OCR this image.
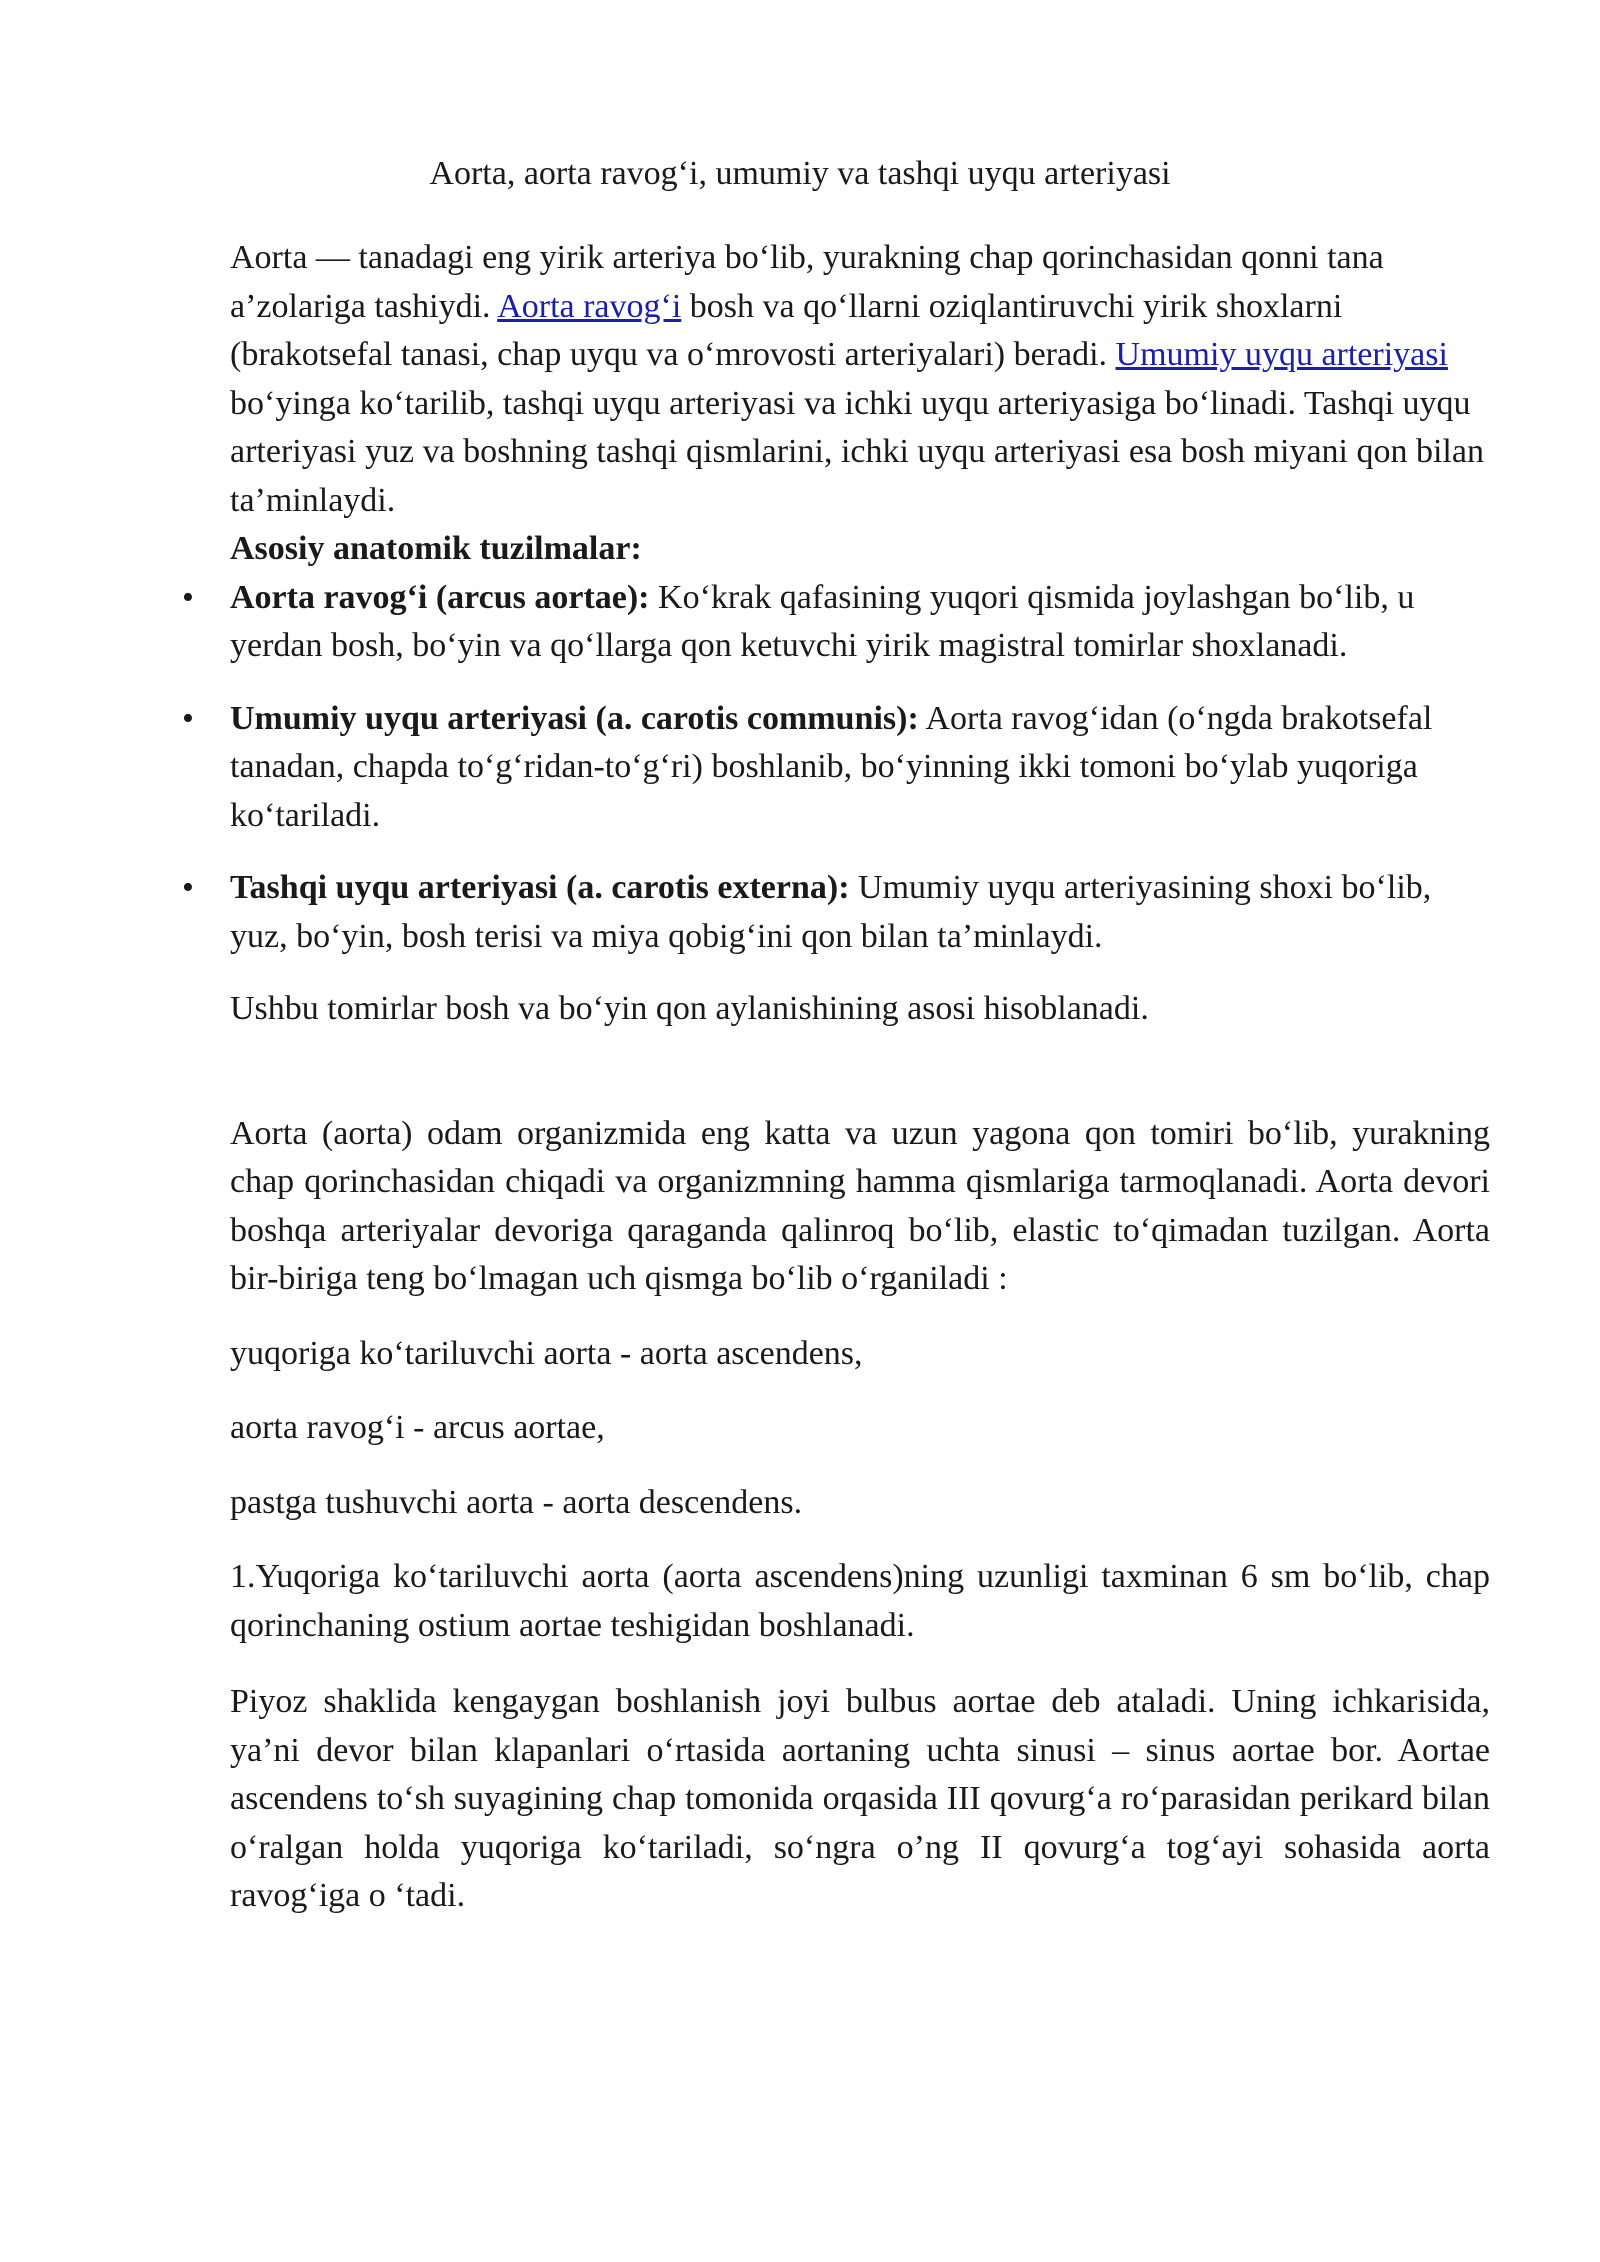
Aorta, aorta ravog‘i, umumiy va tashqi uyqu arteriyasi

Aorta — tanadagi eng yirik arteriya bo‘lib, yurakning chap qorinchasidan qonni tana a’zolariga tashiydi. Aorta ravog‘i bosh va qo‘llarni oziqlantiruvchi yirik shoxlarni (brakotsefal tanasi, chap uyqu va o‘mrovosti arteriyalari) beradi. Umumiy uyqu arteriyasi bo‘yinga ko‘tarilib, tashqi uyqu arteriyasi va ichki uyqu arteriyasiga bo‘linadi. Tashqi uyqu arteriyasi yuz va boshning tashqi qismlarini, ichki uyqu arteriyasi esa bosh miyani qon bilan ta’minlaydi.

Asosiy anatomik tuzilmalar:

• Aorta ravog‘i (arcus aortae): Ko‘krak qafasining yuqori qismida joylashgan bo‘lib, u yerdan bosh, bo‘yin va qo‘llarga qon ketuvchi yirik magistral tomirlar shoxlanadi.
• Umumiy uyqu arteriyasi (a. carotis communis): Aorta ravog‘idan (o‘ngda brakotsefal tanadan, chapda to‘g‘ridan-to‘g‘ri) boshlanib, bo‘yinning ikki tomoni bo‘ylab yuqoriga ko‘tariladi.
• Tashqi uyqu arteriyasi (a. carotis externa): Umumiy uyqu arteriyasining shoxi bo‘lib, yuz, bo‘yin, bosh terisi va miya qobig‘ini qon bilan ta’minlaydi.

Ushbu tomirlar bosh va bo‘yin qon aylanishining asosi hisoblanadi.

Aorta (aorta) odam organizmida eng katta va uzun yagona qon tomiri bo‘lib, yurakning chap qorinchasidan chiqadi va organizmning hamma qismlariga tarmoqlanadi. Aorta devori boshqa arteriyalar devoriga qaraganda qalinroq bo‘lib, elastic to‘qimadan tuzilgan. Aorta bir-biriga teng bo‘lmagan uch qismga bo‘lib o‘rganiladi :

yuqoriga ko‘tariluvchi aorta - aorta ascendens,

aorta ravog‘i - arcus aortae,

pastga tushuvchi aorta - aorta descendens.

1.Yuqoriga ko‘tariluvchi aorta (aorta ascendens)ning uzunligi taxminan 6 sm bo‘lib, chap qorinchaning ostium aortae teshigidan boshlanadi.

Piyoz shaklida kengaygan boshlanish joyi bulbus aortae deb ataladi. Uning ichkarisida, ya’ni devor bilan klapanlari o‘rtasida aortaning uchta sinusi – sinus aortae bor. Aortae ascendens to‘sh suyagining chap tomonida orqasida III qovurg‘a ro‘parasidan perikard bilan o‘ralgan holda yuqoriga ko‘tariladi, so‘ngra o’ng II qovurg‘a tog‘ayi sohasida aorta ravog‘iga o ‘tadi.
